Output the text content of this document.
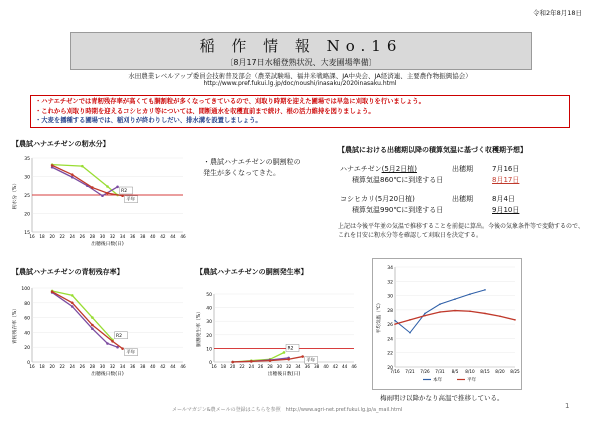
令和2年8月18日
稲 作 情 報 No.16
〔8月17日水稲登熟状況、大麦圃場準備〕
水田農業レベルアップ委員会技術普及部会（農業試験場、福井米戦略課、JA中央会、JA経済連、主要農作物振興協会）
http://www.pref.fukui.lg.jp/doc/noushi/inasaku/2020inasaku.html
・ハナエチゼンでは青籾残存率が高くても胴割粒が多くなってきているので、刈取り時期を迎えた圃場では早急に刈取りを行いましょう。
・これから刈取り時期を迎えるコシヒカリ等については、間断通水を収穫直前まで続け、根の活力維持を図りましょう。
・大麦を播種する圃場では、稲刈りが終わりしだい、排水溝を設置しましょう。
【農試ハナエチゼンの籾水分】
15
20
25
30
35
16 18 20 22 24 26 28 30 32 34 36 38 40 42 44 46
出穂後日数(日)
籾水分（%）	R2
平年
・農試ハナエチゼンの胴割粒の発生が多くなってきた。
【農試における出穂期以降の積算気温に基づく収穫期予想】
ハナエチゼン(5月2日植)	出穂期	7月16日
積算気温860℃に到達する日	8月17日
コシヒカリ(5月20日植)	出穂期	8月4日
積算気温990℃に到達する日	9月10日
上記は今後平年並の気温で推移することを前提に算出。今後の気象条件等で変動するので、これを目安に籾水分等を確認して刈取日を決定する。
【農試ハナエチゼンの青籾残存率】
0
20
40
60
80
100
16 18 20 22 24 26 28 30 32 34 36 38 40 42 44 46
出穂後日数(日)
青籾残存率（%）	R2
平年
【農試ハナエチゼンの胴割発生率】
0
10
20
30
40
50
16 18 20 22 24 26 28 30 32 34 36 38 40 42 44 46
出穂後日数(日)
胴割発生率（%）
R2
平年
20
22
24
26
28
30
32
34
7/16 7/21 7/26 7/31 8/5 8/10 8/15 8/20 8/25
平均気温（℃）
本年	平年
梅雨明け以降かなり高温で推移している。
メールマガジン&農メールの登録はこちらを参照　http://www.agri-net.pref.fukui.lg.jp/a_mail.html	1
